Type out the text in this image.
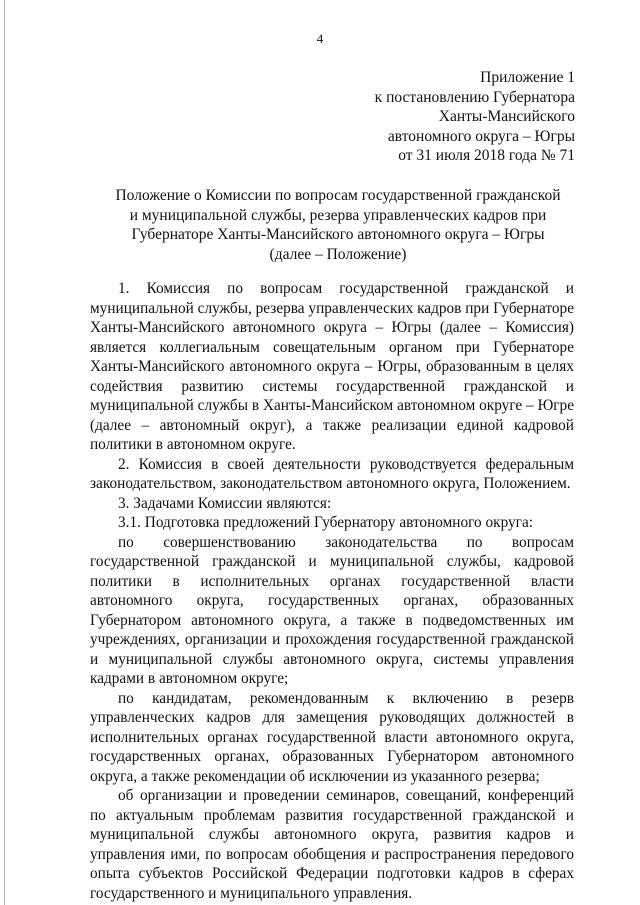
4
Приложение 1
к постановлению Губернатора
Ханты-Мансийского
автономного округа – Югры
от 31 июля 2018 года № 71
Положение о Комиссии по вопросам государственной гражданской
и муниципальной службы, резерва управленческих кадров при
Губернаторе Ханты-Мансийского автономного округа – Югры
(далее – Положение)

1. Комиссия по вопросам государственной гражданской и муниципальной службы, резерва управленческих кадров при Губернаторе Ханты-Мансийского автономного округа – Югры (далее – Комиссия) является коллегиальным совещательным органом при Губернаторе Ханты-Мансийского автономного округа – Югры, образованным в целях содействия развитию системы государственной гражданской и муниципальной службы в Ханты-Мансийском автономном округе – Югре (далее – автономный округ), а также реализации единой кадровой политики в автономном округе.

2. Комиссия в своей деятельности руководствуется федеральным законодательством, законодательством автономного округа, Положением.

3. Задачами Комиссии являются:

3.1. Подготовка предложений Губернатору автономного округа:

по совершенствованию законодательства по вопросам государственной гражданской и муниципальной службы, кадровой политики в исполнительных органах государственной власти автономного округа, государственных органах, образованных Губернатором автономного округа, а также в подведомственных им учреждениях, организации и прохождения государственной гражданской и муниципальной службы автономного округа, системы управления кадрами в автономном округе;

по кандидатам, рекомендованным к включению в резерв управленческих кадров для замещения руководящих должностей в исполнительных органах государственной власти автономного округа, государственных органах, образованных Губернатором автономного округа, а также рекомендации об исключении из указанного резерва;

об организации и проведении семинаров, совещаний, конференций по актуальным проблемам развития государственной гражданской и муниципальной службы автономного округа, развития кадров и управления ими, по вопросам обобщения и распространения передового опыта субъектов Российской Федерации подготовки кадров в сферах государственного и муниципального управления.
